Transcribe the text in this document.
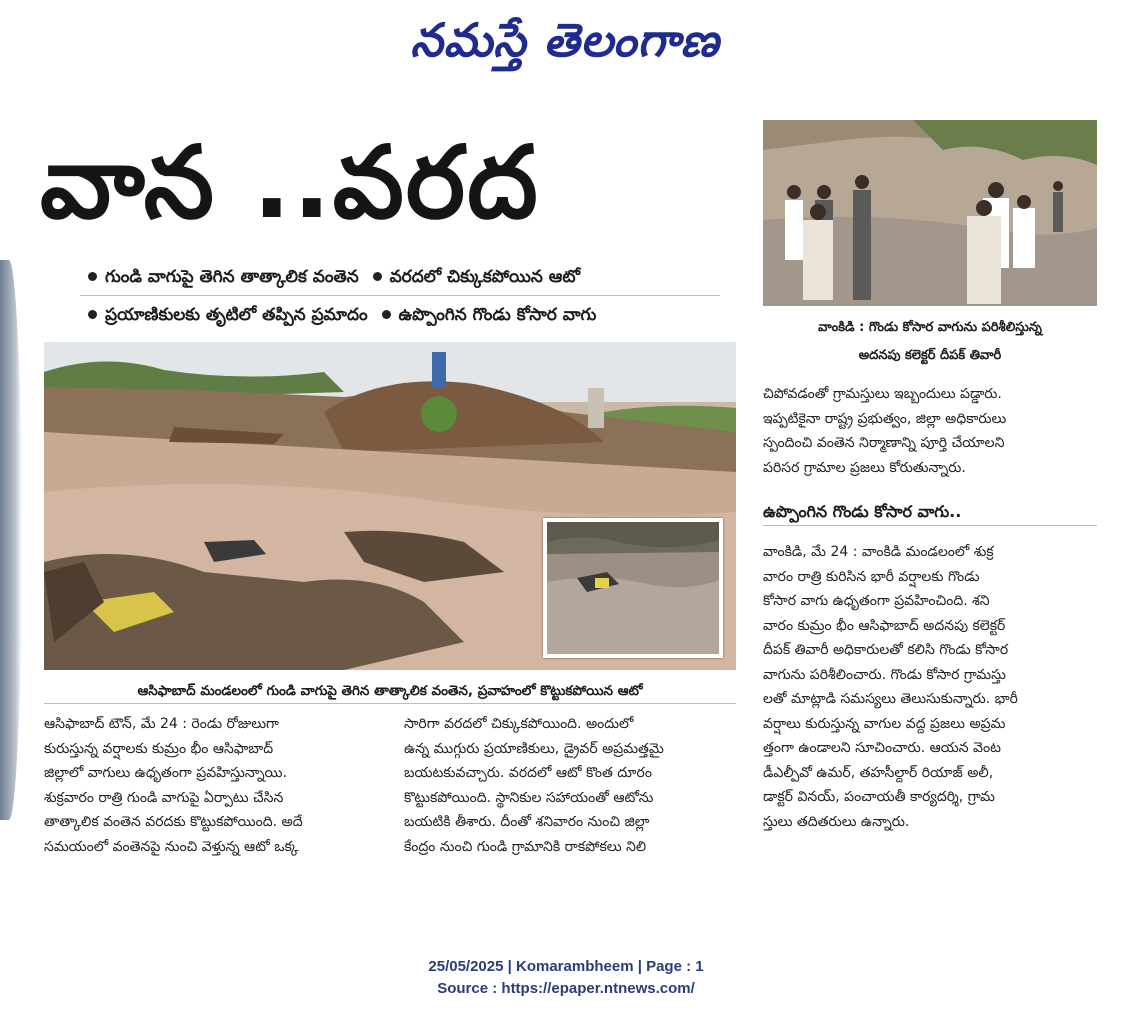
నమస్తే తెలంగాణ
వాన ..వరద
గుండి వాగుపై తెగిన తాత్కాలిక వంతెన వరదలో చిక్కుకపోయిన ఆటో
ప్రయాణికులకు తృటిలో తప్పిన ప్రమాదం ఉప్పొంగిన గొండు కోసార వాగు
ఆసిఫాబాద్ మండలంలో గుండి వాగుపై తెగిన తాత్కాలిక వంతెన, ప్రవాహంలో కొట్టుకపోయిన ఆటో

ఆసిఫాబాద్ టౌన్, మే 24 : రెండు రోజులుగా

కురుస్తున్న వర్షాలకు కుమ్రం భీం ఆసిఫాబాద్

జిల్లాలో వాగులు ఉధృతంగా ప్రవహిస్తున్నాయి.

శుక్రవారం రాత్రి గుండి వాగుపై ఏర్పాటు చేసిన

తాత్కాలిక వంతెన వరదకు కొట్టుకపోయింది. అదే

సమయంలో వంతెనపై నుంచి వెళ్తున్న ఆటో ఒక్క

సారిగా వరదలో చిక్కుకపోయింది. అందులో

ఉన్న ముగ్గురు ప్రయాణికులు, డ్రైవర్ అప్రమత్తమై

బయటకువచ్చారు. వరదలో ఆటో కొంత దూరం

కొట్టుకపోయింది. స్థానికుల సహాయంతో ఆటోను

బయటికి తీశారు. దీంతో శనివారం నుంచి జిల్లా

కేంద్రం నుంచి గుండి గ్రామానికి రాకపోకలు నిలి

వాంకిడి : గొండు కోసార వాగును పరిశీలిస్తున్న
అదనపు కలెక్టర్ దీపక్ తివారీ

చిపోవడంతో గ్రామస్తులు ఇబ్బందులు పడ్డారు.

ఇప్పటికైనా రాష్ట్ర ప్రభుత్వం, జిల్లా అధికారులు

స్పందించి వంతెన నిర్మాణాన్ని పూర్తి చేయాలని

పరిసర గ్రామాల ప్రజలు కోరుతున్నారు.

ఉప్పొంగిన గొండు కోసార వాగు..

వాంకిడి, మే 24 : వాంకిడి మండలంలో శుక్ర

వారం రాత్రి కురిసిన భారీ వర్షాలకు గొండు

కోసార వాగు ఉధృతంగా ప్రవహించింది. శని

వారం కుమ్రం భీం ఆసిఫాబాద్ అదనపు కలెక్టర్

దీపక్ తివారీ అధికారులతో కలిసి గొండు కోసార

వాగును పరిశీలించారు. గొండు కోసార గ్రామస్తు

లతో మాట్లాడి సమస్యలు తెలుసుకున్నారు. భారీ

వర్షాలు కురుస్తున్న వాగుల వద్ద ప్రజలు అప్రమ

త్తంగా ఉండాలని సూచించారు. ఆయన వెంట

డీఎల్పీవో ఉమర్, తహసీల్దార్ రియాజ్ అలీ,

డాక్టర్ వినయ్, పంచాయతీ కార్యదర్శి, గ్రామ

స్తులు తదితరులు ఉన్నారు.

25/05/2025 | Komarambheem | Page : 1
Source : https://epaper.ntnews.com/
